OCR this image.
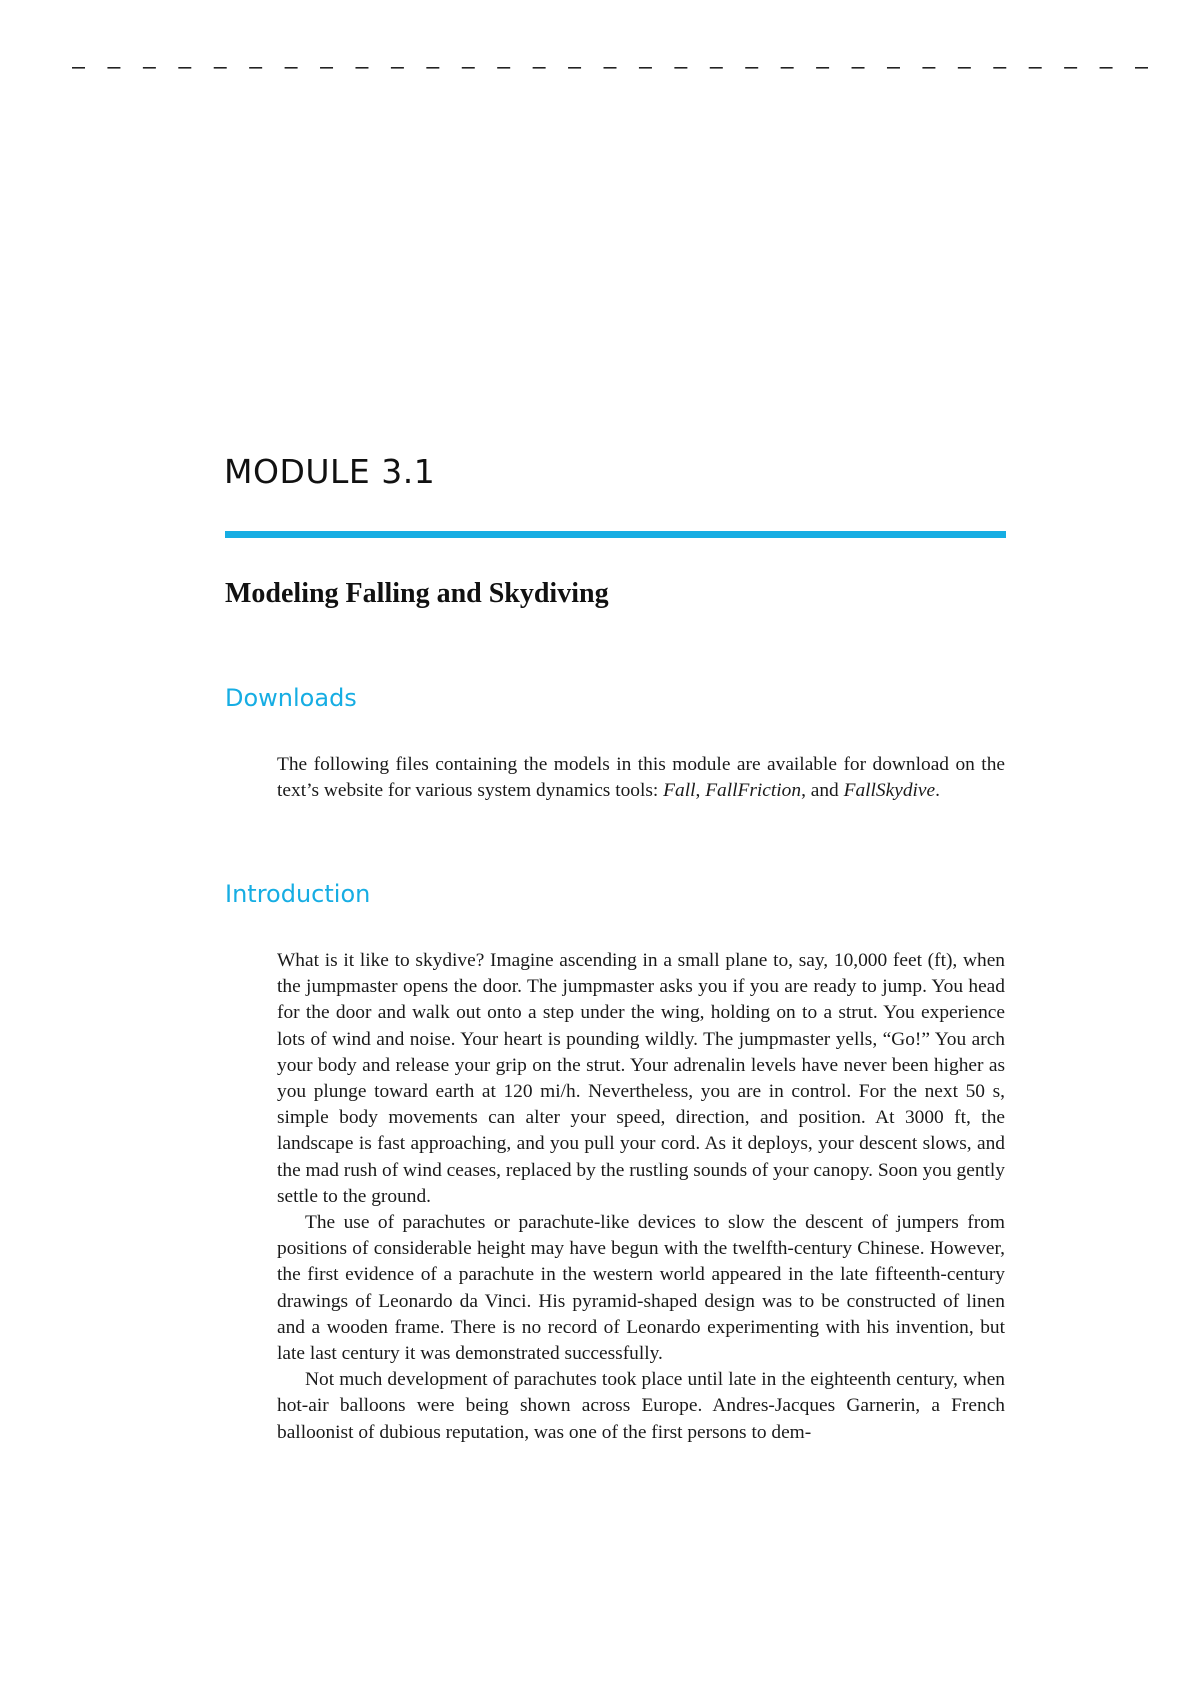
MODULE 3.1
Modeling Falling and Skydiving
Downloads

The following files containing the models in this module are available for download on the text’s website for various system dynamics tools: Fall, FallFriction, and FallSkydive.

Introduction

What is it like to skydive? Imagine ascending in a small plane to, say, 10,000 feet (ft), when the jumpmaster opens the door. The jumpmaster asks you if you are ready to jump. You head for the door and walk out onto a step under the wing, holding on to a strut. You experience lots of wind and noise. Your heart is pounding wildly. The jumpmaster yells, “Go!” You arch your body and release your grip on the strut. Your adrenalin levels have never been higher as you plunge toward earth at 120 mi/h. Nevertheless, you are in control. For the next 50 s, simple body movements can alter your speed, direction, and position. At 3000 ft, the landscape is fast approaching, and you pull your cord. As it deploys, your descent slows, and the mad rush of wind ceases, replaced by the rustling sounds of your canopy. Soon you gently settle to the ground.

The use of parachutes or parachute-like devices to slow the descent of jumpers from positions of considerable height may have begun with the twelfth-century Chinese. However, the first evidence of a parachute in the western world appeared in the late fifteenth-century drawings of Leonardo da Vinci. His pyramid-shaped design was to be constructed of linen and a wooden frame. There is no record of Leonardo experimenting with his invention, but late last century it was demonstrated successfully.

Not much development of parachutes took place until late in the eighteenth century, when hot-air balloons were being shown across Europe. Andres-Jacques Garnerin, a French balloonist of dubious reputation, was one of the first persons to dem-
